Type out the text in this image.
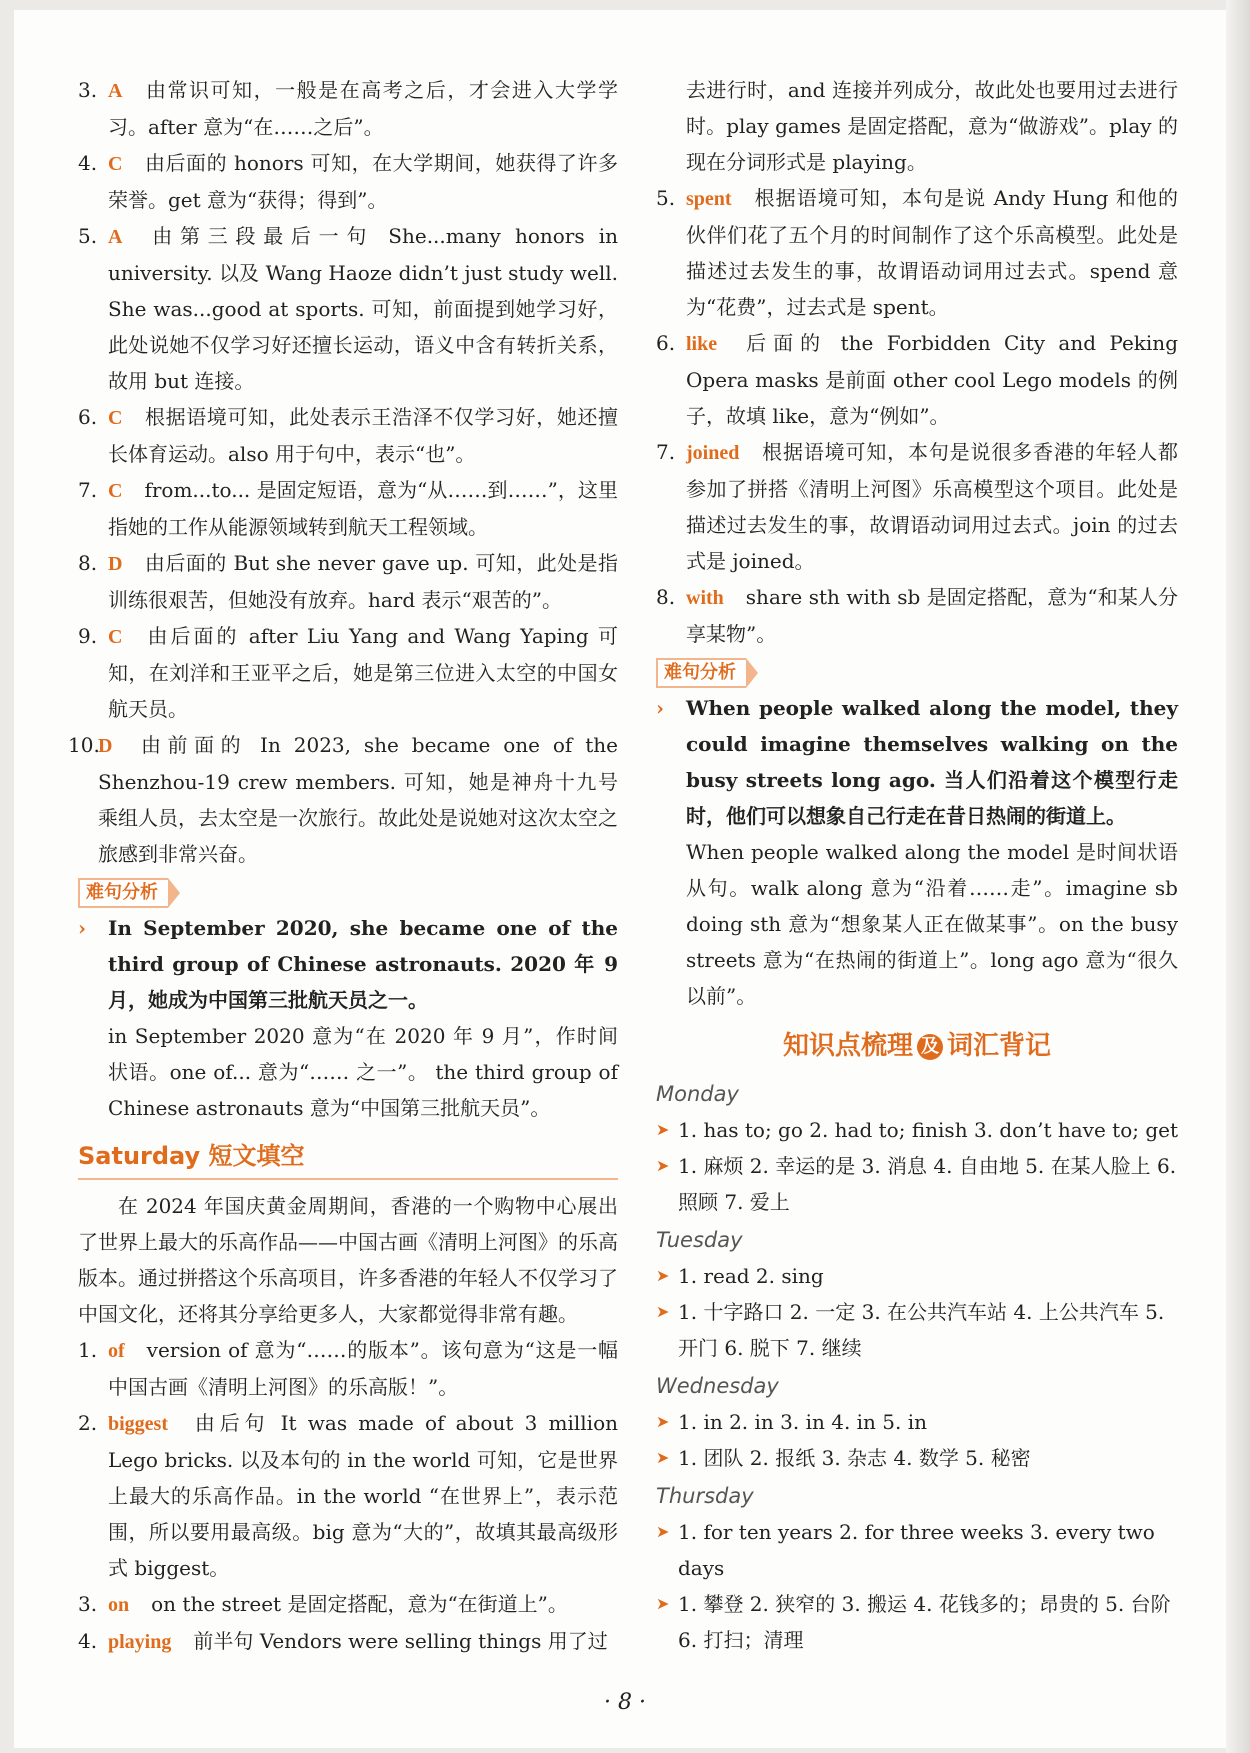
3. A 由常识可知，一般是在高考之后，才会进入大学学习。after 意为“在……之后”。
4. C 由后面的 honors 可知，在大学期间，她获得了许多荣誉。get 意为“获得；得到”。
5. A 由第三段最后一句 She...many honors in university. 以及 Wang Haoze didn’t just study well. She was...good at sports. 可知，前面提到她学习好，此处说她不仅学习好还擅长运动，语义中含有转折关系，故用 but 连接。
6. C 根据语境可知，此处表示王浩泽不仅学习好，她还擅长体育运动。also 用于句中，表示“也”。
7. C from...to... 是固定短语，意为“从……到……”，这里指她的工作从能源领域转到航天工程领域。
8. D 由后面的 But she never gave up. 可知，此处是指训练很艰苦，但她没有放弃。hard 表示“艰苦的”。
9. C 由后面的 after Liu Yang and Wang Yaping 可知，在刘洋和王亚平之后，她是第三位进入太空的中国女航天员。
10.
D 由前面的 In 2023, she became one of the Shenzhou-19 crew members. 可知，她是神舟十九号乘组人员，去太空是一次旅行。故此处是说她对这次太空之旅感到非常兴奋。
难句分析
›	In September 2020, she became one of the third group of Chinese astronauts. 2020 年 9 月，她成为中国第三批航天员之一。
in September 2020 意为“在 2020 年 9 月”，作时间状语。one of... 意为“…… 之一”。 the third group of Chinese astronauts 意为“中国第三批航天员”。
Saturday 短文填空
在 2024 年国庆黄金周期间，香港的一个购物中心展出了世界上最大的乐高作品——中国古画《清明上河图》的乐高版本。通过拼搭这个乐高项目，许多香港的年轻人不仅学习了中国文化，还将其分享给更多人，大家都觉得非常有趣。
1. of version of 意为“……的版本”。该句意为“这是一幅中国古画《清明上河图》的乐高版！”。
2. biggest 由后句 It was made of about 3 million Lego bricks. 以及本句的 in the world 可知，它是世界上最大的乐高作品。in the world “在世界上”，表示范围，所以要用最高级。big 意为“大的”，故填其最高级形式 biggest。
3. on on the street 是固定搭配，意为“在街道上”。
4. playing 前半句 Vendors were selling things 用了过
去进行时，and 连接并列成分，故此处也要用过去进行时。play games 是固定搭配，意为“做游戏”。play 的现在分词形式是 playing。
5. spent 根据语境可知，本句是说 Andy Hung 和他的伙伴们花了五个月的时间制作了这个乐高模型。此处是描述过去发生的事，故谓语动词用过去式。spend 意为“花费”，过去式是 spent。
6. like 后面的 the Forbidden City and Peking Opera masks 是前面 other cool Lego models 的例子，故填 like，意为“例如”。
7. joined 根据语境可知，本句是说很多香港的年轻人都参加了拼搭《清明上河图》乐高模型这个项目。此处是描述过去发生的事，故谓语动词用过去式。join 的过去式是 joined。
8. with share sth with sb 是固定搭配，意为“和某人分享某物”。
难句分析
›	When people walked along the model, they could imagine themselves walking on the busy streets long ago. 当人们沿着这个模型行走时，他们可以想象自己行走在昔日热闹的街道上。
When people walked along the model 是时间状语从句。walk along 意为“沿着……走”。imagine sb doing sth 意为“想象某人正在做某事”。on the busy streets 意为“在热闹的街道上”。long ago 意为“很久以前”。
知识点梳理 及 词汇背记
Monday
➤ 1. has to; go 2. had to; finish 3. don’t have to; get
➤ 1. 麻烦 2. 幸运的是 3. 消息 4. 自由地 5. 在某人脸上 6. 照顾 7. 爱上
Tuesday
➤ 1. read 2. sing
➤ 1. 十字路口 2. 一定 3. 在公共汽车站 4. 上公共汽车 5. 开门 6. 脱下 7. 继续
Wednesday
➤ 1. in 2. in 3. in 4. in 5. in
➤ 1. 团队 2. 报纸 3. 杂志 4. 数学 5. 秘密
Thursday
➤ 1. for ten years 2. for three weeks 3. every two days
➤ 1. 攀登 2. 狭窄的 3. 搬运 4. 花钱多的；昂贵的 5. 台阶 6. 打扫；清理
· 8 ·
